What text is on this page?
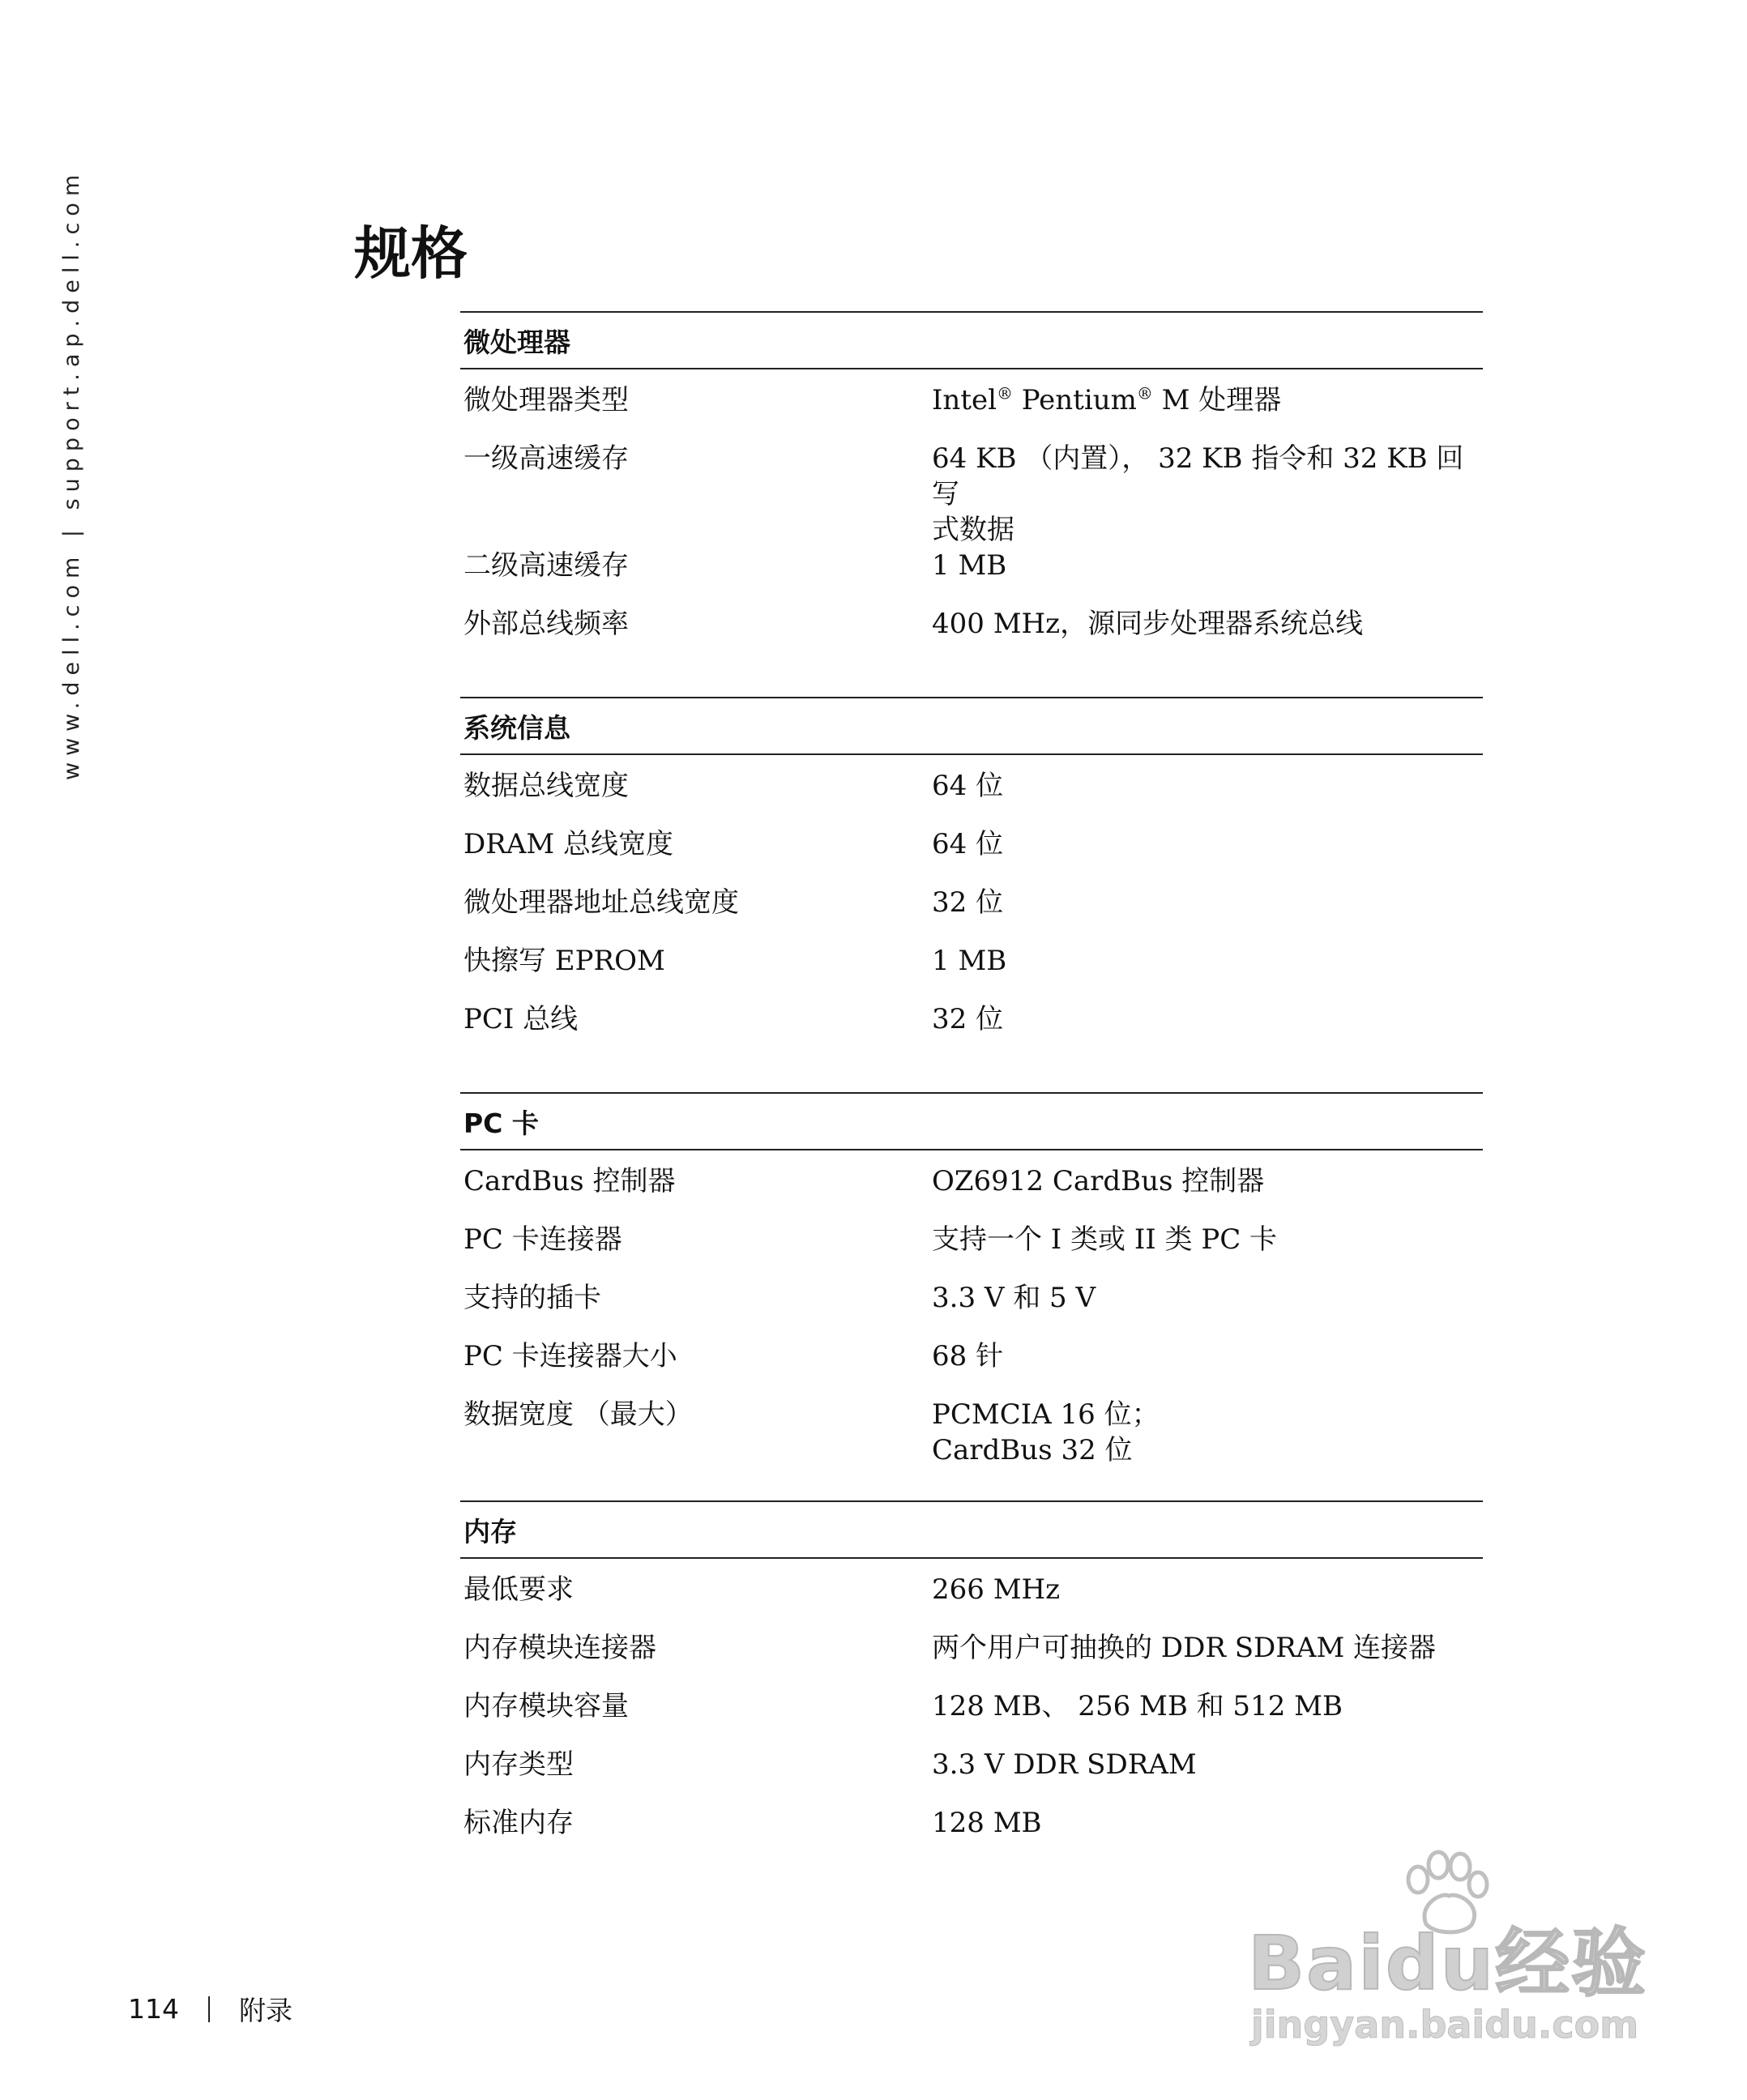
www.dell.com | support.ap.dell.com	规格
微处理器
微处理器类型	Intel® Pentium® M 处理器
一级高速缓存	64 KB （内置）， 32 KB 指令和 32 KB 回写
式数据
二级高速缓存	1 MB
外部总线频率	400 MHz，源同步处理器系统总线
系统信息
数据总线宽度	64 位
DRAM 总线宽度	64 位
微处理器地址总线宽度	32 位
快擦写 EPROM	1 MB
PCI 总线	32 位
PC 卡
CardBus 控制器	OZ6912 CardBus 控制器
PC 卡连接器	支持一个 I 类或 II 类 PC 卡
支持的插卡	3.3 V 和 5 V
PC 卡连接器大小	68 针
数据宽度 （最大）	PCMCIA 16 位；
CardBus 32 位
内存
最低要求	266 MHz
内存模块连接器	两个用户可抽换的 DDR SDRAM 连接器
内存模块容量	128 MB、 256 MB 和 512 MB
内存类型	3.3 V DDR SDRAM
标准内存	128 MB
114 附录
Baidu经验
jingyan.baidu.com
